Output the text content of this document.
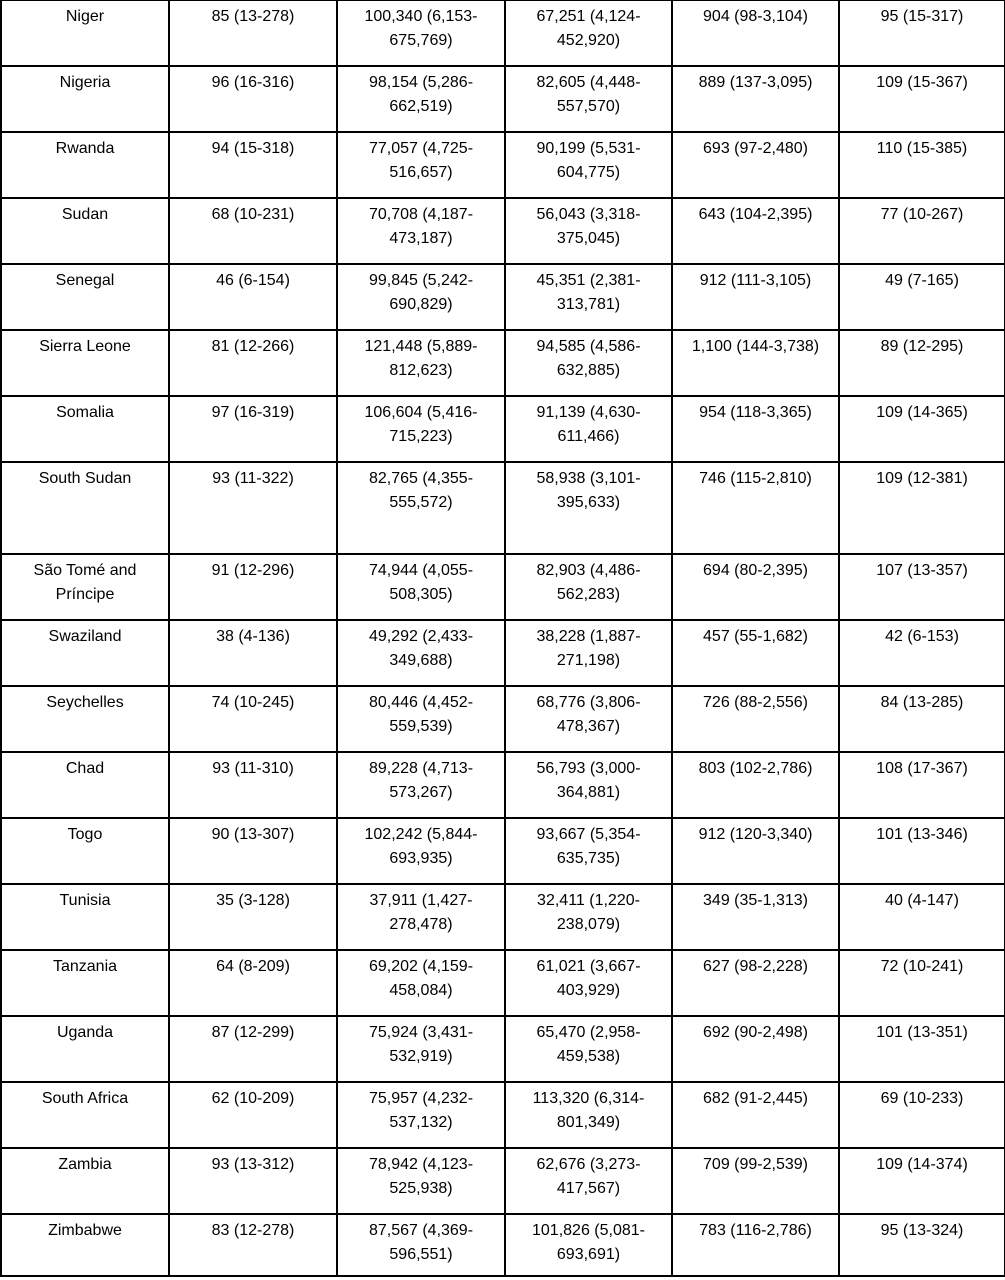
Niger	85 (13-278)	100,340 (6,153-675,769)	67,251 (4,124-452,920)	904 (98-3,104)	95 (15-317)
Nigeria	96 (16-316)	98,154 (5,286-662,519)	82,605 (4,448-557,570)	889 (137-3,095)	109 (15-367)
Rwanda	94 (15-318)	77,057 (4,725-516,657)	90,199 (5,531-604,775)	693 (97-2,480)	110 (15-385)
Sudan	68 (10-231)	70,708 (4,187-473,187)	56,043 (3,318-375,045)	643 (104-2,395)	77 (10-267)
Senegal	46 (6-154)	99,845 (5,242-690,829)	45,351 (2,381-313,781)	912 (111-3,105)	49 (7-165)
Sierra Leone	81 (12-266)	121,448 (5,889-812,623)	94,585 (4,586-632,885)	1,100 (144-3,738)	89 (12-295)
Somalia	97 (16-319)	106,604 (5,416-715,223)	91,139 (4,630-611,466)	954 (118-3,365)	109 (14-365)
South Sudan	93 (11-322)	82,765 (4,355-555,572)	58,938 (3,101-395,633)	746 (115-2,810)	109 (12-381)
São Tomé and Príncipe	91 (12-296)	74,944 (4,055-508,305)	82,903 (4,486-562,283)	694 (80-2,395)	107 (13-357)
Swaziland	38 (4-136)	49,292 (2,433-349,688)	38,228 (1,887-271,198)	457 (55-1,682)	42 (6-153)
Seychelles	74 (10-245)	80,446 (4,452-559,539)	68,776 (3,806-478,367)	726 (88-2,556)	84 (13-285)
Chad	93 (11-310)	89,228 (4,713-573,267)	56,793 (3,000-364,881)	803 (102-2,786)	108 (17-367)
Togo	90 (13-307)	102,242 (5,844-693,935)	93,667 (5,354-635,735)	912 (120-3,340)	101 (13-346)
Tunisia	35 (3-128)	37,911 (1,427-278,478)	32,411 (1,220-238,079)	349 (35-1,313)	40 (4-147)
Tanzania	64 (8-209)	69,202 (4,159-458,084)	61,021 (3,667-403,929)	627 (98-2,228)	72 (10-241)
Uganda	87 (12-299)	75,924 (3,431-532,919)	65,470 (2,958-459,538)	692 (90-2,498)	101 (13-351)
South Africa	62 (10-209)	75,957 (4,232-537,132)	113,320 (6,314-801,349)	682 (91-2,445)	69 (10-233)
Zambia	93 (13-312)	78,942 (4,123-525,938)	62,676 (3,273-417,567)	709 (99-2,539)	109 (14-374)
Zimbabwe	83 (12-278)	87,567 (4,369-596,551)	101,826 (5,081-693,691)	783 (116-2,786)	95 (13-324)
